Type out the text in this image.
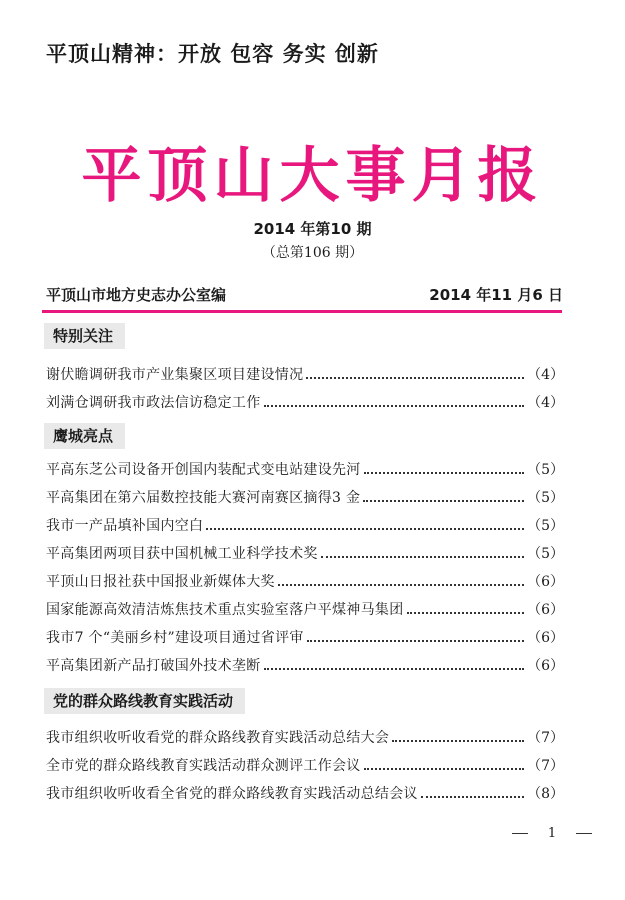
平顶山精神：开放 包容 务实 创新
平顶山大事月报
2014 年第10 期
（总第106 期）
平顶山市地方史志办公室编	2014 年11 月6 日
特别关注
谢伏瞻调研我市产业集聚区项目建设情况	（4）
刘满仓调研我市政法信访稳定工作	（4）
鹰城亮点
平高东芝公司设备开创国内装配式变电站建设先河	（5）
平高集团在第六届数控技能大赛河南赛区摘得3 金	（5）
我市一产品填补国内空白	（5）
平高集团两项目获中国机械工业科学技术奖	（5）
平顶山日报社获中国报业新媒体大奖	（6）
国家能源高效清洁炼焦技术重点实验室落户平煤神马集团	（6）
我市7 个“美丽乡村”建设项目通过省评审	（6）
平高集团新产品打破国外技术垄断	（6）
党的群众路线教育实践活动
我市组织收听收看党的群众路线教育实践活动总结大会	（7）
全市党的群众路线教育实践活动群众测评工作会议	（7）
我市组织收听收看全省党的群众路线教育实践活动总结会议	（8）
1
